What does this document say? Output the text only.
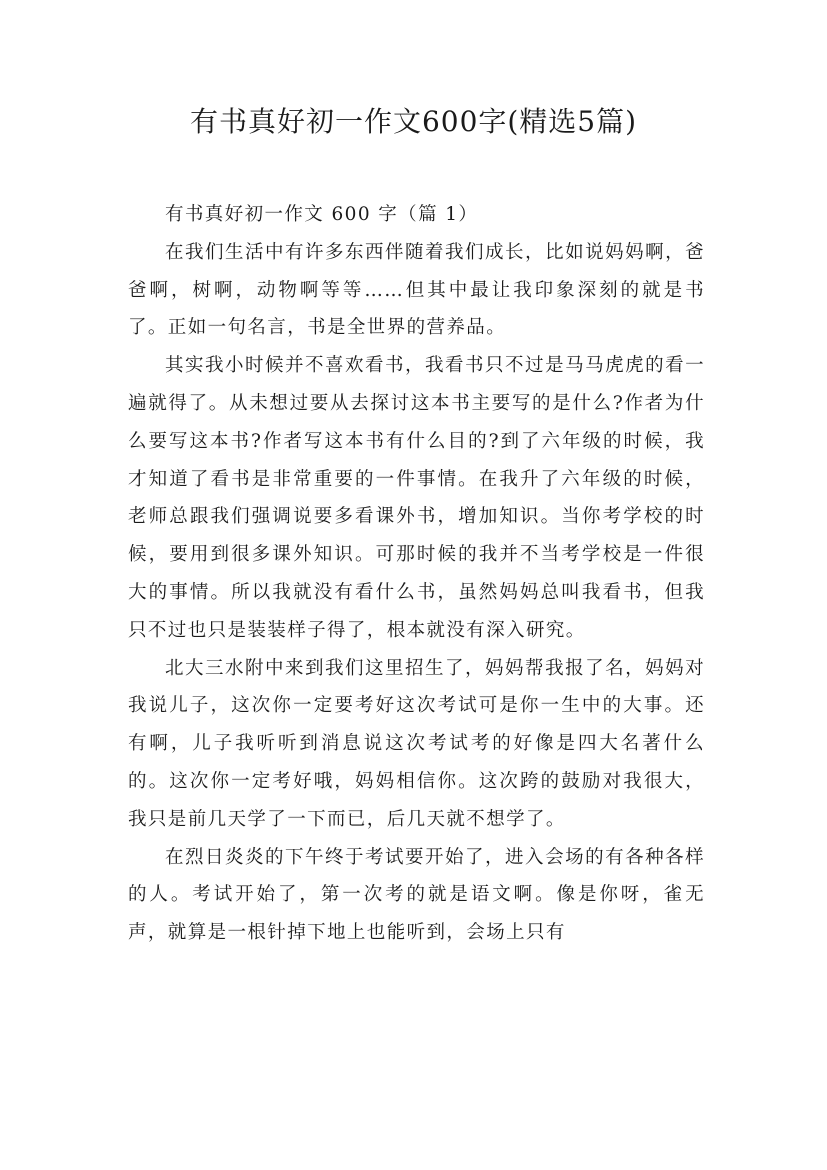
有书真好初一作文600字(精选5篇)

有书真好初一作文 600 字（篇 1）

在我们生活中有许多东西伴随着我们成长，比如说妈妈啊，爸爸啊，树啊，动物啊等等……但其中最让我印象深刻的就是书了。正如一句名言，书是全世界的营养品。

其实我小时候并不喜欢看书，我看书只不过是马马虎虎的看一遍就得了。从未想过要从去探讨这本书主要写的是什么?作者为什么要写这本书?作者写这本书有什么目的?到了六年级的时候，我才知道了看书是非常重要的一件事情。在我升了六年级的时候，老师总跟我们强调说要多看课外书，增加知识。当你考学校的时候，要用到很多课外知识。可那时候的我并不当考学校是一件很大的事情。所以我就没有看什么书，虽然妈妈总叫我看书，但我只不过也只是装装样子得了，根本就没有深入研究。

北大三水附中来到我们这里招生了，妈妈帮我报了名，妈妈对我说儿子，这次你一定要考好这次考试可是你一生中的大事。还有啊，儿子我听听到消息说这次考试考的好像是四大名著什么的。这次你一定考好哦，妈妈相信你。这次跨的鼓励对我很大，我只是前几天学了一下而已，后几天就不想学了。

在烈日炎炎的下午终于考试要开始了，进入会场的有各种各样的人。考试开始了，第一次考的就是语文啊。像是你呀，雀无声，就算是一根针掉下地上也能听到，会场上只有
